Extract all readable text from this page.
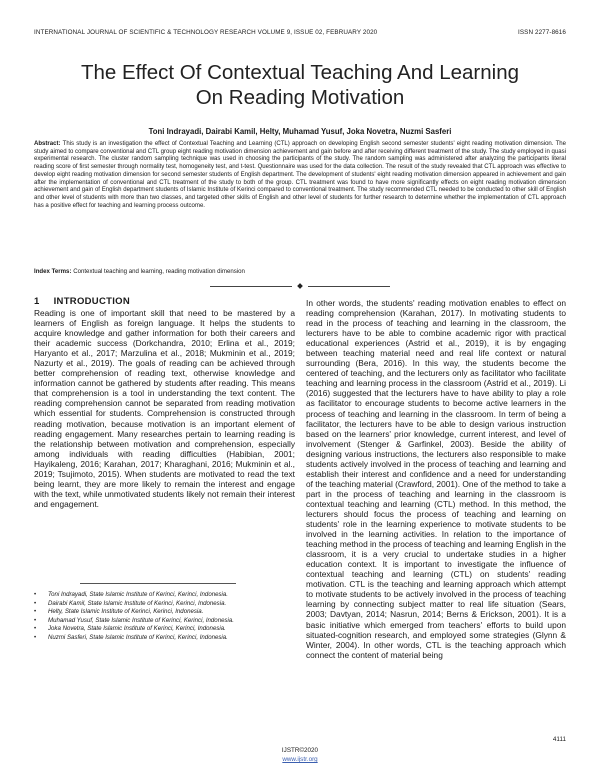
INTERNATIONAL JOURNAL OF SCIENTIFIC & TECHNOLOGY RESEARCH VOLUME 9, ISSUE 02, FEBRUARY 2020	ISSN 2277-8616
The Effect Of Contextual Teaching And Learning
On Reading Motivation
Toni Indrayadi, Dairabi Kamil, Helty, Muhamad Yusuf, Joka Novetra, Nuzmi Sasferi
Abstract: This study is an investigation the effect of Contextual Teaching and Learning (CTL) approach on developing English second semester students' eight reading motivation dimension. The study aimed to compare conventional and CTL group eight reading motivation dimension achievement and gain before and after receiving different treatment of the study. The study employed in quasi experimental research. The cluster random sampling technique was used in choosing the participants of the study. The random sampling was administered after analyzing the participants literal reading score of first semester through normality test, homogeneity test, and t-test. Questionnaire was used for the data collection. The result of the study revealed that CTL approach was effective to develop eight reading motivation dimension for second semester students of English department. The development of students' eight reading motivation dimension appeared in achievement and gain after the implementation of conventional and CTL treatment of the study to both of the group. CTL treatment was found to have more significantly effects on eight reading motivation dimension achievement and gain of English department students of Islamic Institute of Kerinci compared to conventional treatment. The study recommended CTL needed to be conducted to other skill of English and other level of students with more than two classes, and targeted other skills of English and other level of students for further research to determine whether the implementation of CTL approach has a positive effect for teaching and learning process outcome.
Index Terms: Contextual teaching and learning, reading motivation dimension
1 INTRODUCTION
Reading is one of important skill that need to be mastered by a learners of English as foreign language. It helps the students to acquire knowledge and gather information for both their careers and their academic success (Dorkchandra, 2010; Erlina et al., 2019; Haryanto et al., 2017; Marzulina et al., 2018; Mukminin et al., 2019; Nazurty et al., 2019). The goals of reading can be achieved through better comprehension of reading text, otherwise knowledge and information cannot be gathered by students after reading. This means that comprehension is a tool in understanding the text content. The reading comprehension cannot be separated from reading motivation which essential for students. Comprehension is constructed through reading motivation, because motivation is an important element of reading engagement. Many researches pertain to learning reading is the relationship between motivation and comprehension, especially among individuals with reading difficulties (Habibian, 2001; Hayikaleng, 2016; Karahan, 2017; Kharaghani, 2016; Mukminin et al., 2019; Tsujimoto, 2015). When students are motivated to read the text being learnt, they are more likely to remain the interest and engage with the text, while unmotivated students likely not remain their interest and engagement.
• Toni Indrayadi, State Islamic Institute of Kerinci, Kerinci, Indonesia.
• Dairabi Kamil, State Islamic Institute of Kerinci, Kerinci, Indonesia.
• Helty, State Islamic Institute of Kerinci, Kerinci, Indonesia.
• Muhamad Yusuf, State Islamic Institute of Kerinci, Kerinci, Indonesia.
• Joka Novetra, State Islamic Institute of Kerinci, Kerinci, Indonesia.
• Nuzmi Sasferi, State Islamic Institute of Kerinci, Kerinci, Indonesia.
In other words, the students' reading motivation enables to effect on reading comprehension (Karahan, 2017). In motivating students to read in the process of teaching and learning in the classroom, the lecturers have to be able to combine academic rigor with practical educational experiences (Astrid et al., 2019), it is by engaging between teaching material need and real life context or natural surrounding (Bera, 2016). In this way, the students become the centered of teaching, and the lecturers only as facilitator who facilitate teaching and learning process in the classroom (Astrid et al., 2019). Li (2016) suggested that the lecturers have to have ability to play a role as facilitator to encourage students to become active learners in the process of teaching and learning in the classroom. In term of being a facilitator, the lecturers have to be able to design various instruction based on the learners' prior knowledge, current interest, and level of involvement (Stenger & Garfinkel, 2003). Beside the ability of designing various instructions, the lecturers also responsible to make students actively involved in the process of teaching and learning and establish their interest and confidence and a need for understanding of the teaching material (Crawford, 2001). One of the method to take a part in the process of teaching and learning in the classroom is contextual teaching and learning (CTL) method. In this method, the lecturers should focus the process of teaching and learning on students' role in the learning experience to motivate students to be involved in the learning activities. In relation to the importance of teaching method in the process of teaching and learning English in the classroom, it is a very crucial to undertake studies in a higher education context. It is important to investigate the influence of contextual teaching and learning (CTL) on students' reading motivation. CTL is the teaching and learning approach which attempt to motivate students to be actively involved in the process of teaching learning by connecting subject matter to real life situation (Sears, 2003; Davtyan, 2014; Nasrun, 2014; Berns & Erickson, 2001). It is a basic initiative which emerged from teachers' efforts to build upon situated-cognition research, and employed some strategies (Glynn & Winter, 2004). In other words, CTL is the teaching approach which connect the content of material being
4111
IJSTR©2020
www.ijstr.org
